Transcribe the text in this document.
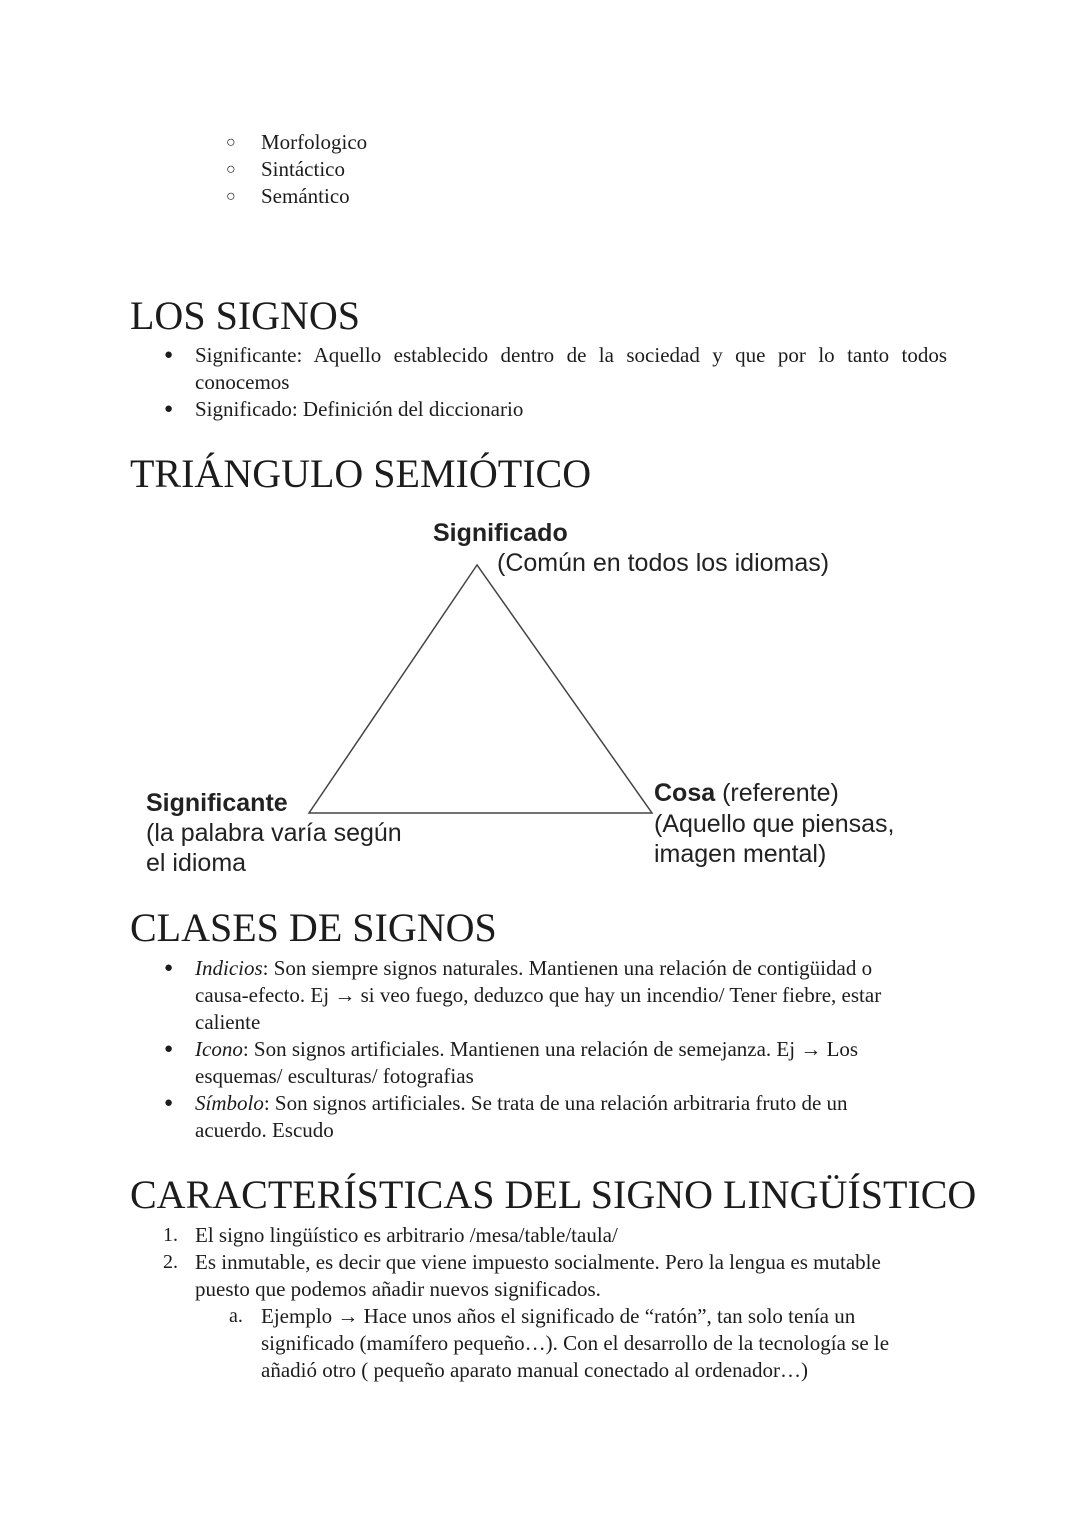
○ Morfologico
○ Sintáctico
○ Semántico
LOS SIGNOS
● Significante: Aquello establecido dentro de la sociedad y que por lo tanto todos
conocemos
● Significado: Definición del diccionario
TRIÁNGULO SEMIÓTICO
Significado
(Común en todos los idiomas)
Significante
(la palabra varía según
el idioma
Cosa (referente)
(Aquello que piensas,
imagen mental)
CLASES DE SIGNOS
● Indicios: Son siempre signos naturales. Mantienen una relación de contigüidad o
causa-efecto. Ej → si veo fuego, deduzco que hay un incendio/ Tener fiebre, estar
caliente
● Icono: Son signos artificiales. Mantienen una relación de semejanza. Ej → Los
esquemas/ esculturas/ fotografias
● Símbolo: Son signos artificiales. Se trata de una relación arbitraria fruto de un
acuerdo. Escudo
CARACTERÍSTICAS DEL SIGNO LINGÜÍSTICO
1. El signo lingüístico es arbitrario /mesa/table/taula/
2. Es inmutable, es decir que viene impuesto socialmente. Pero la lengua es mutable
puesto que podemos añadir nuevos significados.
a. Ejemplo → Hace unos años el significado de “ratón”, tan solo tenía un
significado (mamífero pequeño…). Con el desarrollo de la tecnología se le
añadió otro ( pequeño aparato manual conectado al ordenador…)
